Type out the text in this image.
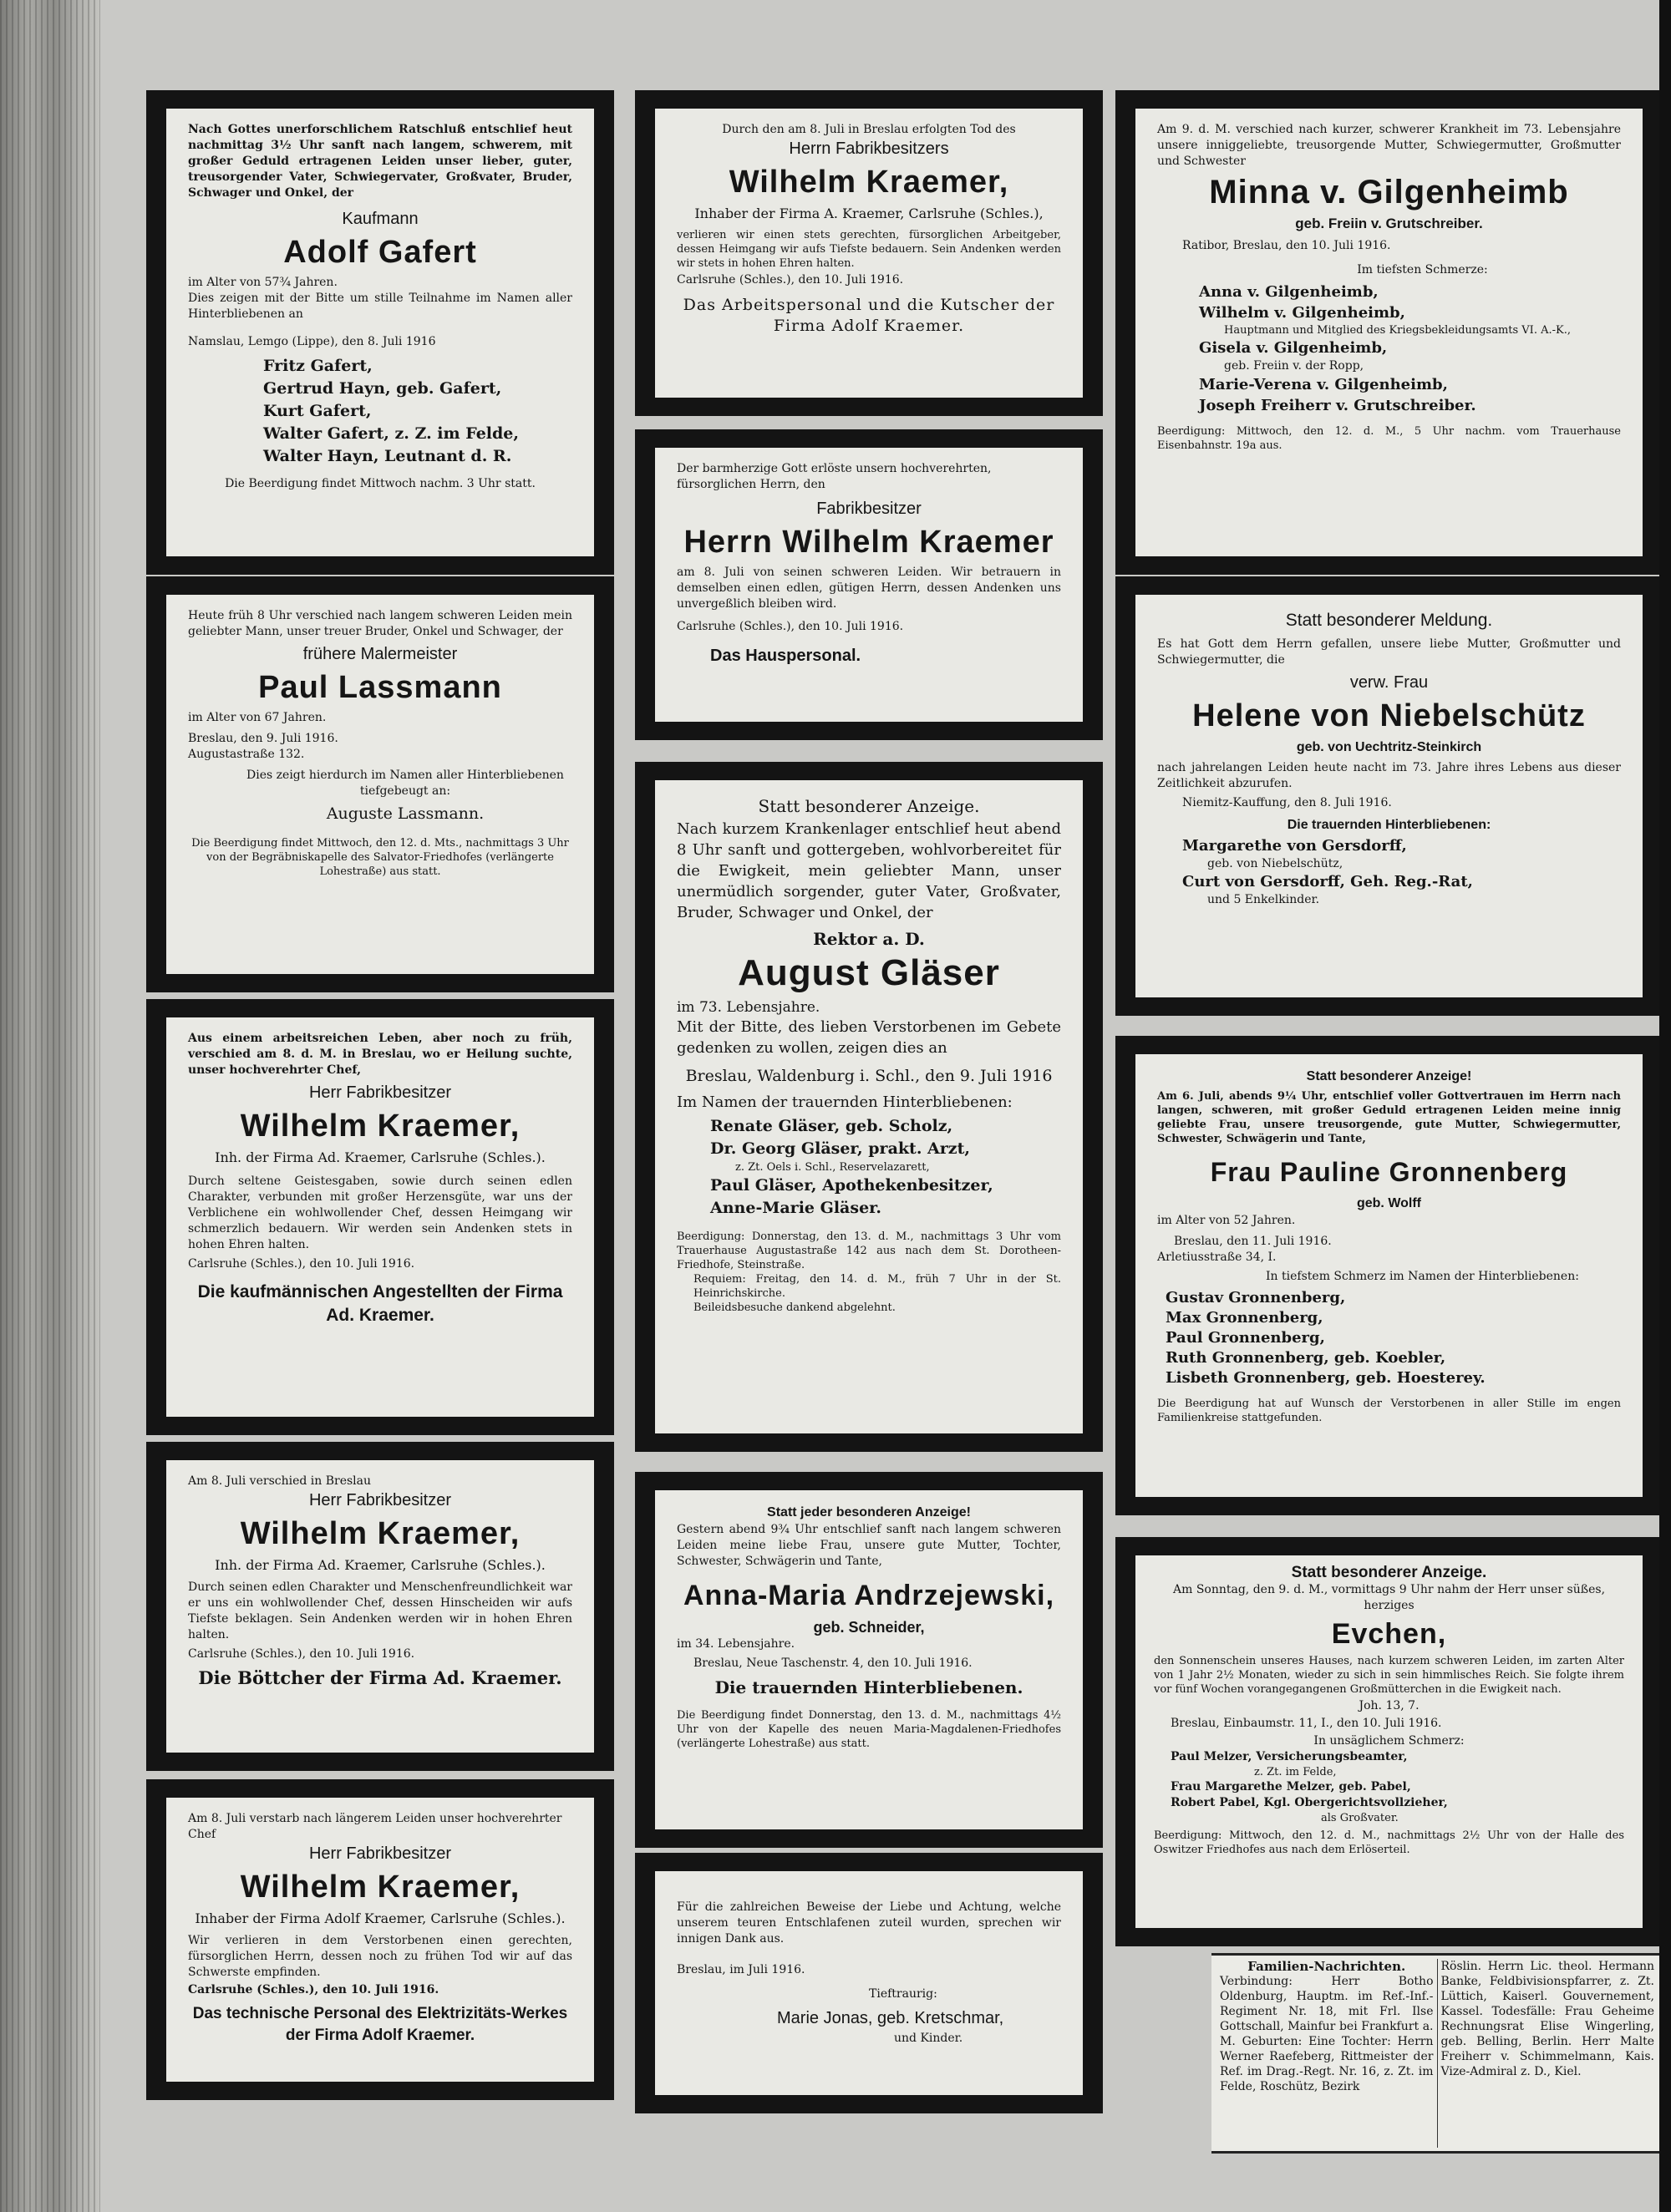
Nach Gottes unerforschlichem Ratschluß entschlief heut nachmittag 3½ Uhr sanft nach langem, schwerem, mit großer Geduld ertragenen Leiden unser lieber, guter, treusorgender Vater, Schwiegervater, Großvater, Bruder, Schwager und Onkel, der
Kaufmann
Adolf Gafert
im Alter von 57¾ Jahren.
Dies zeigen mit der Bitte um stille Teilnahme im Namen aller Hinterbliebenen an
Namslau, Lemgo (Lippe), den 8. Juli 1916
Fritz Gafert,
Gertrud Hayn, geb. Gafert,
Kurt Gafert,
Walter Gafert, z. Z. im Felde,
Walter Hayn, Leutnant d. R.
Die Beerdigung findet Mittwoch nachm. 3 Uhr statt.
Heute früh 8 Uhr verschied nach langem schweren Leiden mein geliebter Mann, unser treuer Bruder, Onkel und Schwager, der
frühere Malermeister
Paul Lassmann
im Alter von 67 Jahren.
Breslau, den 9. Juli 1916.
Augustastraße 132.
Dies zeigt hierdurch im Namen aller Hinterbliebenen tiefgebeugt an:
Auguste Lassmann.
Die Beerdigung findet Mittwoch, den 12. d. Mts., nachmittags 3 Uhr von der Begräbniskapelle des Salvator-Friedhofes (verlängerte Lohestraße) aus statt.
Aus einem arbeitsreichen Leben, aber noch zu früh, verschied am 8. d. M. in Breslau, wo er Heilung suchte, unser hochverehrter Chef,
Herr Fabrikbesitzer
Wilhelm Kraemer,
Inh. der Firma Ad. Kraemer, Carlsruhe (Schles.).
Durch seltene Geistesgaben, sowie durch seinen edlen Charakter, verbunden mit großer Herzensgüte, war uns der Verblichene ein wohlwollender Chef, dessen Heimgang wir schmerzlich bedauern. Wir werden sein Andenken stets in hohen Ehren halten.
Carlsruhe (Schles.), den 10. Juli 1916.
Die kaufmännischen Angestellten der Firma Ad. Kraemer.
Am 8. Juli verschied in Breslau
Herr Fabrikbesitzer
Wilhelm Kraemer,
Inh. der Firma Ad. Kraemer, Carlsruhe (Schles.).
Durch seinen edlen Charakter und Menschenfreundlichkeit war er uns ein wohlwollender Chef, dessen Hinscheiden wir aufs Tiefste beklagen. Sein Andenken werden wir in hohen Ehren halten.
Carlsruhe (Schles.), den 10. Juli 1916.
Die Böttcher der Firma Ad. Kraemer.
Am 8. Juli verstarb nach längerem Leiden unser hochverehrter Chef
Herr Fabrikbesitzer
Wilhelm Kraemer,
Inhaber der Firma Adolf Kraemer, Carlsruhe (Schles.).
Wir verlieren in dem Verstorbenen einen gerechten, fürsorglichen Herrn, dessen noch zu frühen Tod wir auf das Schwerste empfinden.
Carlsruhe (Schles.), den 10. Juli 1916.
Das technische Personal des Elektrizitäts-Werkes der Firma Adolf Kraemer.
Durch den am 8. Juli in Breslau erfolgten Tod des
Herrn Fabrikbesitzers
Wilhelm Kraemer,
Inhaber der Firma A. Kraemer, Carlsruhe (Schles.),
verlieren wir einen stets gerechten, fürsorglichen Arbeitgeber, dessen Heimgang wir aufs Tiefste bedauern. Sein Andenken werden wir stets in hohen Ehren halten.
Carlsruhe (Schles.), den 10. Juli 1916.
Das Arbeitspersonal und die Kutscher der Firma Adolf Kraemer.
Der barmherzige Gott erlöste unsern hochverehrten, fürsorglichen Herrn, den
Fabrikbesitzer
Herrn Wilhelm Kraemer
am 8. Juli von seinen schweren Leiden. Wir betrauern in demselben einen edlen, gütigen Herrn, dessen Andenken uns unvergeßlich bleiben wird.
Carlsruhe (Schles.), den 10. Juli 1916.
Das Hauspersonal.
Statt besonderer Anzeige.
Nach kurzem Krankenlager entschlief heut abend 8 Uhr sanft und gottergeben, wohlvorbereitet für die Ewigkeit, mein geliebter Mann, unser unermüdlich sorgender, guter Vater, Großvater, Bruder, Schwager und Onkel, der
Rektor a. D.
August Gläser
im 73. Lebensjahre.
Mit der Bitte, des lieben Verstorbenen im Gebete gedenken zu wollen, zeigen dies an
Breslau, Waldenburg i. Schl., den 9. Juli 1916
Im Namen der trauernden Hinterbliebenen:
Renate Gläser, geb. Scholz,
Dr. Georg Gläser, prakt. Arzt,
z. Zt. Oels i. Schl., Reservelazarett,
Paul Gläser, Apothekenbesitzer,
Anne-Marie Gläser.
Beerdigung: Donnerstag, den 13. d. M., nachmittags 3 Uhr vom Trauerhause Augustastraße 142 aus nach dem St. Dorotheen-Friedhofe, Steinstraße.
Requiem: Freitag, den 14. d. M., früh 7 Uhr in der St. Heinrichskirche.
Beileidsbesuche dankend abgelehnt.
Statt jeder besonderen Anzeige!
Gestern abend 9¾ Uhr entschlief sanft nach langem schweren Leiden meine liebe Frau, unsere gute Mutter, Tochter, Schwester, Schwägerin und Tante,
Anna-Maria Andrzejewski,
geb. Schneider,
im 34. Lebensjahre.
Breslau, Neue Taschenstr. 4, den 10. Juli 1916.
Die trauernden Hinterbliebenen.
Die Beerdigung findet Donnerstag, den 13. d. M., nachmittags 4½ Uhr von der Kapelle des neuen Maria-Magdalenen-Friedhofes (verlängerte Lohestraße) aus statt.
Für die zahlreichen Beweise der Liebe und Achtung, welche unserem teuren Entschlafenen zuteil wurden, sprechen wir innigen Dank aus.
Breslau, im Juli 1916.
Tieftraurig:
Marie Jonas, geb. Kretschmar,
und Kinder.
Am 9. d. M. verschied nach kurzer, schwerer Krankheit im 73. Lebensjahre unsere inniggeliebte, treusorgende Mutter, Schwiegermutter, Großmutter und Schwester
Minna v. Gilgenheimb
geb. Freiin v. Grutschreiber.
Ratibor, Breslau, den 10. Juli 1916.
Im tiefsten Schmerze:
Anna v. Gilgenheimb,
Wilhelm v. Gilgenheimb,
Hauptmann und Mitglied des Kriegsbekleidungsamts VI. A.-K.,
Gisela v. Gilgenheimb,
geb. Freiin v. der Ropp,
Marie-Verena v. Gilgenheimb,
Joseph Freiherr v. Grutschreiber.
Beerdigung: Mittwoch, den 12. d. M., 5 Uhr nachm. vom Trauerhause Eisenbahnstr. 19a aus.
Statt besonderer Meldung.
Es hat Gott dem Herrn gefallen, unsere liebe Mutter, Großmutter und Schwiegermutter, die
verw. Frau
Helene von Niebelschütz
geb. von Uechtritz-Steinkirch
nach jahrelangen Leiden heute nacht im 73. Jahre ihres Lebens aus dieser Zeitlichkeit abzurufen.
Niemitz-Kauffung, den 8. Juli 1916.
Die trauernden Hinterbliebenen:
Margarethe von Gersdorff,
geb. von Niebelschütz,
Curt von Gersdorff, Geh. Reg.-Rat,
und 5 Enkelkinder.
Statt besonderer Anzeige!
Am 6. Juli, abends 9¼ Uhr, entschlief voller Gottvertrauen im Herrn nach langen, schweren, mit großer Geduld ertragenen Leiden meine innig geliebte Frau, unsere treusorgende, gute Mutter, Schwiegermutter, Schwester, Schwägerin und Tante,
Frau Pauline Gronnenberg
geb. Wolff
im Alter von 52 Jahren.
Breslau, den 11. Juli 1916.
Arletiusstraße 34, I.
In tiefstem Schmerz im Namen der Hinterbliebenen:
Gustav Gronnenberg,
Max Gronnenberg,
Paul Gronnenberg,
Ruth Gronnenberg, geb. Koebler,
Lisbeth Gronnenberg, geb. Hoesterey.
Die Beerdigung hat auf Wunsch der Verstorbenen in aller Stille im engen Familienkreise stattgefunden.
Statt besonderer Anzeige.
Am Sonntag, den 9. d. M., vormittags 9 Uhr nahm der Herr unser süßes, herziges
Evchen,
den Sonnenschein unseres Hauses, nach kurzem schweren Leiden, im zarten Alter von 1 Jahr 2½ Monaten, wieder zu sich in sein himmlisches Reich. Sie folgte ihrem vor fünf Wochen vorangegangenen Großmütterchen in die Ewigkeit nach.
Joh. 13, 7.
Breslau, Einbaumstr. 11, I., den 10. Juli 1916.
In unsäglichem Schmerz:
Paul Melzer, Versicherungsbeamter,
z. Zt. im Felde,
Frau Margarethe Melzer, geb. Pabel,
Robert Pabel, Kgl. Obergerichtsvollzieher,
als Großvater.
Beerdigung: Mittwoch, den 12. d. M., nachmittags 2½ Uhr von der Halle des Oswitzer Friedhofes aus nach dem Erlöserteil.
Familien-Nachrichten.
Verbindung: Herr Botho Oldenburg, Hauptm. im Ref.-Inf.-Regiment Nr. 18, mit Frl. Ilse Gottschall, Mainfur bei Frankfurt a. M. Geburten: Eine Tochter: Herrn Werner Raefeberg, Rittmeister der Ref. im Drag.-Regt. Nr. 16, z. Zt. im Felde, Roschütz, Bezirk
Röslin. Herrn Lic. theol. Hermann Banke, Feldbivisionspfarrer, z. Zt. Lüttich, Kaiserl. Gouvernement, Kassel. Todesfälle: Frau Geheime Rechnungsrat Elise Wingerling, geb. Belling, Berlin. Herr Malte Freiherr v. Schimmelmann, Kais. Vize-Admiral z. D., Kiel.
